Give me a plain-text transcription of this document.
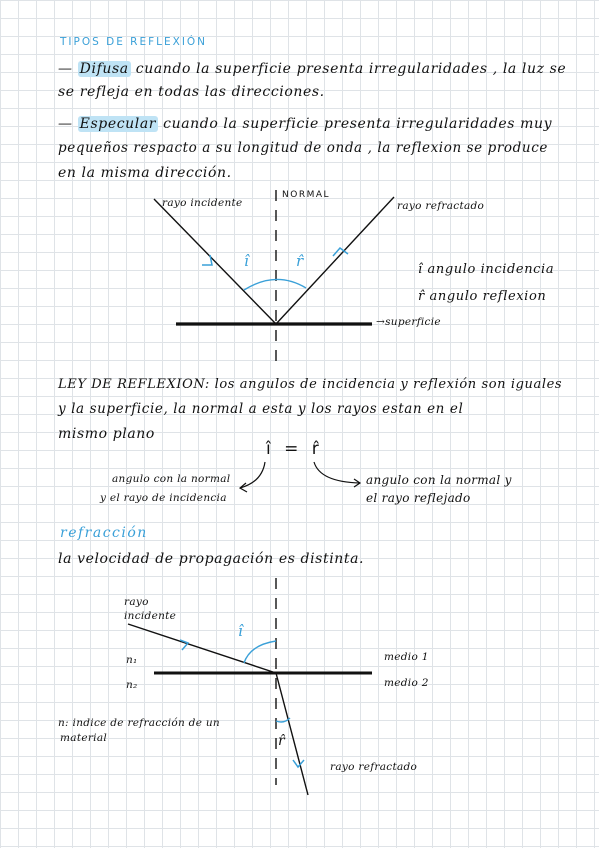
TIPOS DE REFLEXIÓN
— Difusa cuando la superficie presenta irregularidades , la luz se
se refleja en todas las direcciones.
— Especular cuando la superficie presenta irregularidades muy
pequeños respacto a su longitud de onda , la reflexion se produce
en la misma dirección.
rayo incidente
NORMAL
rayo refractado
î	r̂	î angulo incidencia
r̂ angulo reflexion
→superficie
LEY DE REFLEXION: los angulos de incidencia y reflexión son iguales
y la superficie, la normal a esta y los rayos estan en el
mismo plano
î = r̂
angulo con la normal
y el rayo de incidencia
angulo con la normal y
el rayo reflejado
refracción
la velocidad de propagación es distinta.
rayo
incidente
î
n₁
n₂
medio 1
medio 2
r̂
n: indice de refracción de un
material
rayo refractado
